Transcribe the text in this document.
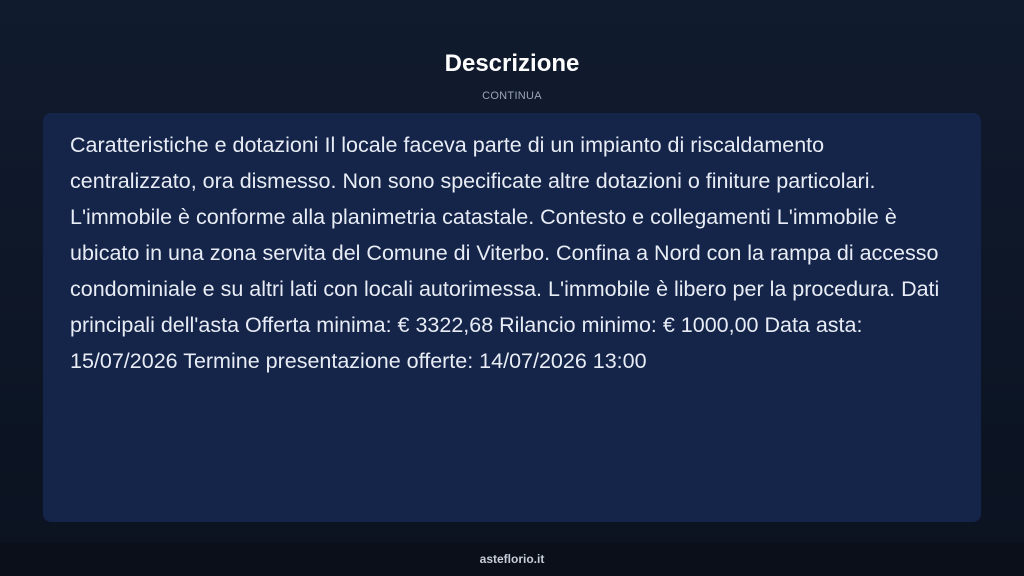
Descrizione
CONTINUA

Caratteristiche e dotazioni Il locale faceva parte di un impianto di riscaldamento centralizzato, ora dismesso. Non sono specificate altre dotazioni o finiture particolari. L'immobile è conforme alla planimetria catastale. Contesto e collegamenti L'immobile è ubicato in una zona servita del Comune di Viterbo. Confina a Nord con la rampa di accesso condominiale e su altri lati con locali autorimessa. L'immobile è libero per la procedura. Dati principali dell'asta Offerta minima: € 3322,68 Rilancio minimo: € 1000,00 Data asta: 15/07/2026 Termine presentazione offerte: 14/07/2026 13:00

asteflorio.it
